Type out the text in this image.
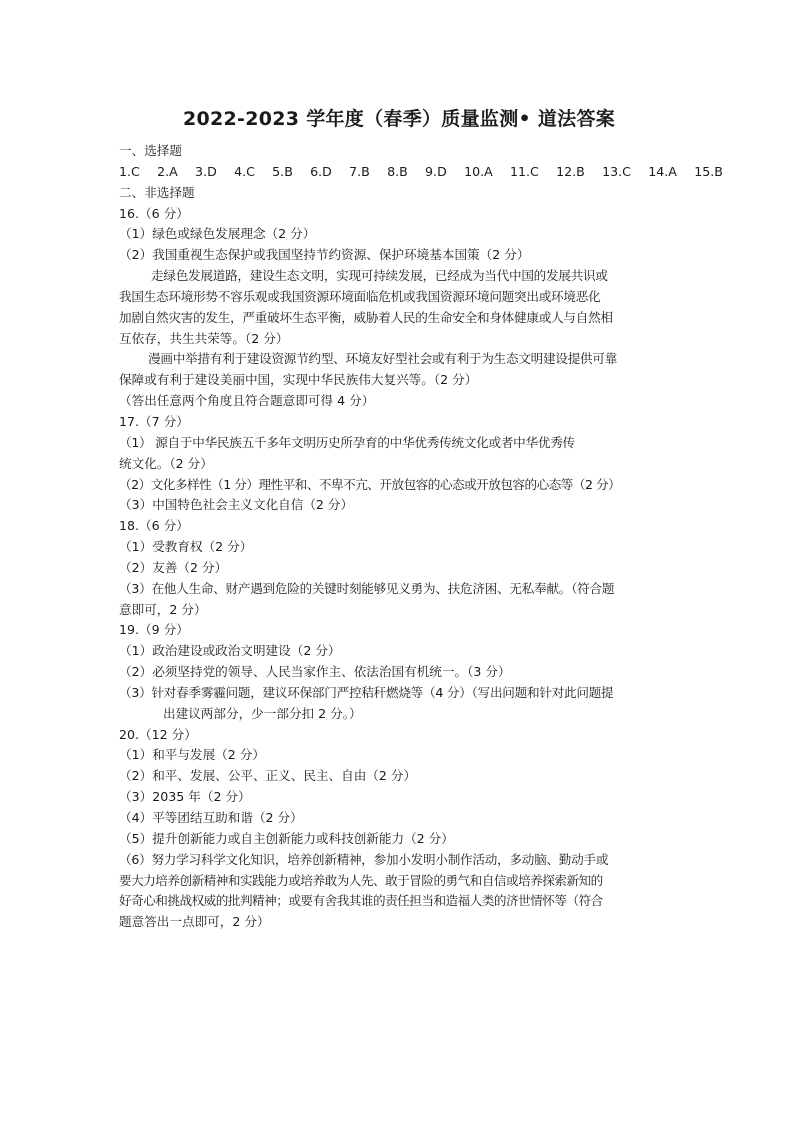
2022-2023 学年度（春季）质量监测• 道法答案
一、选择题
1.C 2.A 3.D 4.C 5.B 6.D 7.B 8.B 9.D 10.A 11.C 12.B 13.C 14.A 15.B
二、非选择题
16.（6 分）
（1）绿色或绿色发展理念（2 分）
（2）我国重视生态保护或我国坚持节约资源、保护环境基本国策（2 分）
走绿色发展道路，建设生态文明，实现可持续发展，已经成为当代中国的发展共识或
我国生态环境形势不容乐观或我国资源环境面临危机或我国资源环境问题突出或环境恶化
加剧自然灾害的发生，严重破坏生态平衡，威胁着人民的生命安全和身体健康或人与自然相
互依存，共生共荣等。（2 分）
漫画中举措有利于建设资源节约型、环境友好型社会或有利于为生态文明建设提供可靠
保障或有利于建设美丽中国，实现中华民族伟大复兴等。（2 分）
（答出任意两个角度且符合题意即可得 4 分）
17.（7 分）
（1） 源自于中华民族五千多年文明历史所孕育的中华优秀传统文化或者中华优秀传
统文化。（2 分）
（2）文化多样性（1 分）理性平和、不卑不亢、开放包容的心态或开放包容的心态等（2 分）
（3）中国特色社会主义文化自信（2 分）
18.（6 分）
（1）受教育权（2 分）
（2）友善（2 分）
（3）在他人生命、财产遇到危险的关键时刻能够见义勇为、扶危济困、无私奉献。（符合题
意即可，2 分）
19.（9 分）
（1）政治建设或政治文明建设（2 分）
（2）必须坚持党的领导、人民当家作主、依法治国有机统一。（3 分）
（3）针对春季雾霾问题，建议环保部门严控秸秆燃烧等（4 分）（写出问题和针对此问题提
出建议两部分，少一部分扣 2 分。）
20.（12 分）
（1）和平与发展（2 分）
（2）和平、发展、公平、正义、民主、自由（2 分）
（3）2035 年（2 分）
（4）平等团结互助和谐（2 分）
（5）提升创新能力或自主创新能力或科技创新能力（2 分）
（6）努力学习科学文化知识，培养创新精神，参加小发明小制作活动，多动脑、勤动手或
要大力培养创新精神和实践能力或培养敢为人先、敢于冒险的勇气和自信或培养探索新知的
好奇心和挑战权威的批判精神；或要有舍我其谁的责任担当和造福人类的济世情怀等（符合
题意答出一点即可，2 分）
